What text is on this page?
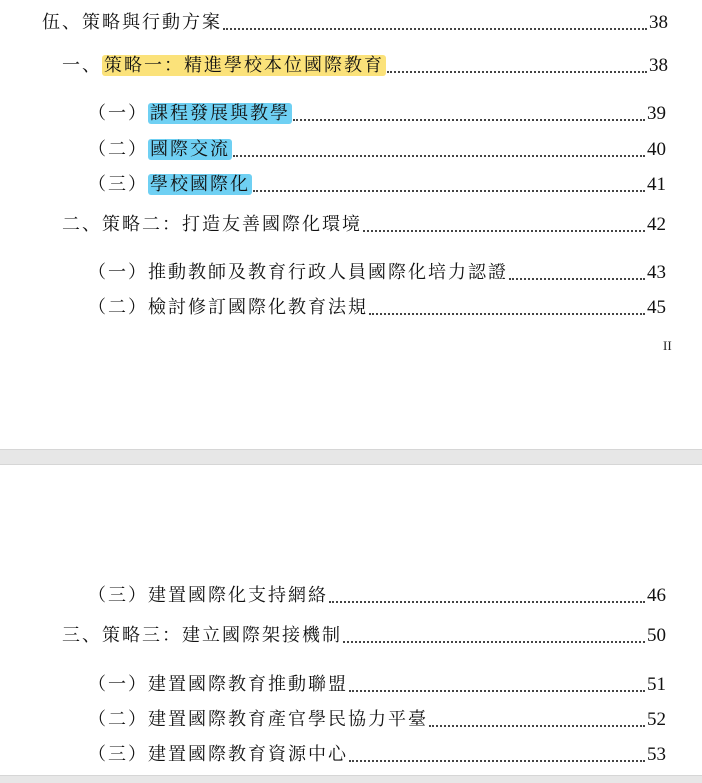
伍、策略與行動方案	38
一、 策略一：精進學校本位國際教育	38
（一） 課程發展與教學	39
（二） 國際交流	40
（三） 學校國際化	41
二、策略二：打造友善國際化環境	42
（一）推動教師及教育行政人員國際化培力認證	43
（二）檢討修訂國際化教育法規	45
II
（三）建置國際化支持網絡	46
三、策略三：建立國際架接機制	50
（一）建置國際教育推動聯盟	51
（二）建置國際教育產官學民協力平臺	52
（三）建置國際教育資源中心	53
